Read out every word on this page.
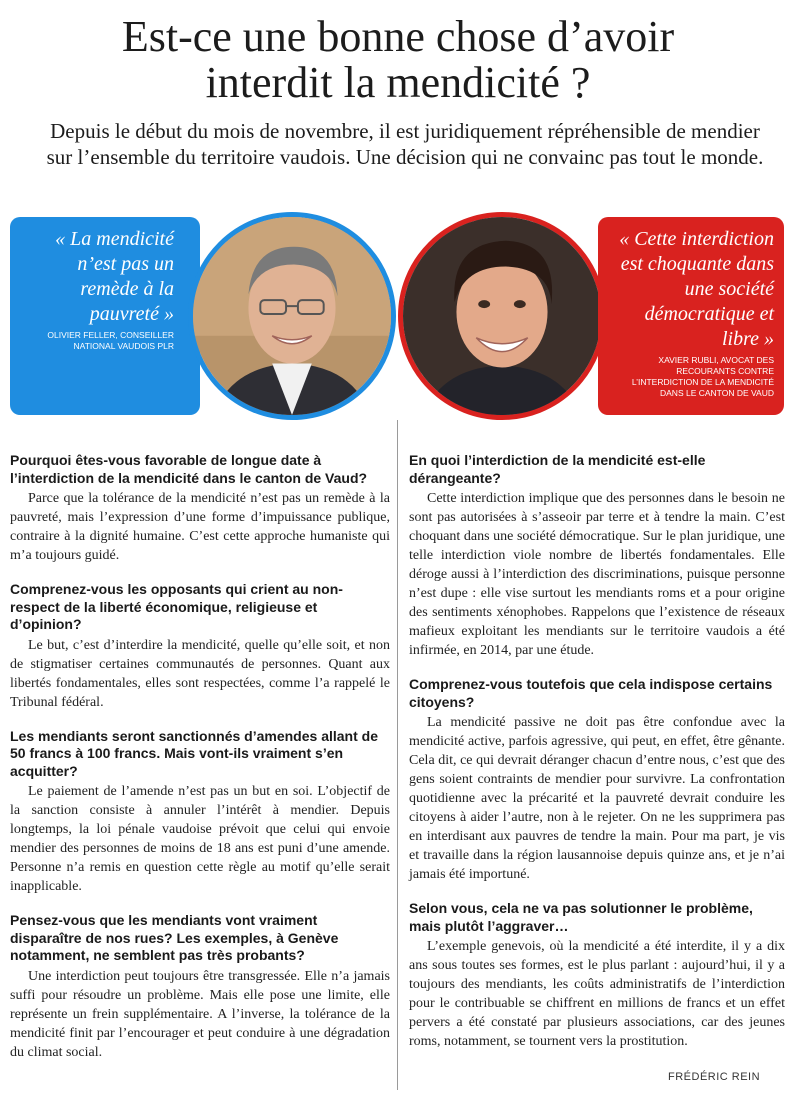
Est-ce une bonne chose d’avoir
interdit la mendicité ?
Depuis le début du mois de novembre, il est juridiquement répréhensible de mendier sur l’ensemble du territoire vaudois. Une décision qui ne convainc pas tout le monde.
« La mendicité n’est pas un remède à la pauvreté »
OLIVIER FELLER, CONSEILLER NATIONAL VAUDOIS PLR
« Cette interdiction est choquante dans une société démocratique et libre »
XAVIER RUBLI, AVOCAT DES RECOURANTS CONTRE L’INTERDICTION DE LA MENDICITÉ DANS LE CANTON DE VAUD
Pourquoi êtes-vous favorable de longue date à l’interdiction de la mendicité dans le canton de Vaud?
Parce que la tolérance de la mendicité n’est pas un remède à la pauvreté, mais l’expression d’une forme d’impuissance publique, contraire à la dignité humaine. C’est cette approche humaniste qui m’a toujours guidé.
Comprenez-vous les opposants qui crient au non-respect de la liberté économique, religieuse et d’opinion?
Le but, c’est d’interdire la mendicité, quelle qu’elle soit, et non de stigmatiser certaines communautés de personnes. Quant aux libertés fondamentales, elles sont respectées, comme l’a rappelé le Tribunal fédéral.
Les mendiants seront sanctionnés d’amendes allant de 50 francs à 100 francs. Mais vont-ils vraiment s’en acquitter?
Le paiement de l’amende n’est pas un but en soi. L’objectif de la sanction consiste à annuler l’intérêt à mendier. Depuis longtemps, la loi pénale vaudoise prévoit que celui qui envoie mendier des personnes de moins de 18 ans est puni d’une amende. Personne n’a remis en question cette règle au motif qu’elle serait inapplicable.
Pensez-vous que les mendiants vont vraiment disparaître de nos rues? Les exemples, à Genève notamment, ne semblent pas très probants?
Une interdiction peut toujours être transgressée. Elle n’a jamais suffi pour résoudre un problème. Mais elle pose une limite, elle représente un frein supplémentaire. A l’inverse, la tolérance de la mendicité finit par l’encourager et peut conduire à une dégradation du climat social.
En quoi l’interdiction de la mendicité est-elle dérangeante?
Cette interdiction implique que des personnes dans le besoin ne sont pas autorisées à s’asseoir par terre et à tendre la main. C’est choquant dans une société démocratique. Sur le plan juridique, une telle interdiction viole nombre de libertés fondamentales. Elle déroge aussi à l’interdiction des discriminations, puisque personne n’est dupe : elle vise surtout les mendiants roms et a pour origine des sentiments xénophobes. Rappelons que l’existence de réseaux mafieux exploitant les mendiants sur le territoire vaudois a été infirmée, en 2014, par une étude.
Comprenez-vous toutefois que cela indispose certains citoyens?
La mendicité passive ne doit pas être confondue avec la mendicité active, parfois agressive, qui peut, en effet, être gênante. Cela dit, ce qui devrait déranger chacun d’entre nous, c’est que des gens soient contraints de mendier pour survivre. La confrontation quotidienne avec la précarité et la pauvreté devrait conduire les citoyens à aider l’autre, non à le rejeter. On ne les supprimera pas en interdisant aux pauvres de tendre la main. Pour ma part, je vis et travaille dans la région lausannoise depuis quinze ans, et je n’ai jamais été importuné.
Selon vous, cela ne va pas solutionner le problème, mais plutôt l’aggraver…
L’exemple genevois, où la mendicité a été interdite, il y a dix ans sous toutes ses formes, est le plus parlant : aujourd’hui, il y a toujours des mendiants, les coûts administratifs de l’interdiction pour le contribuable se chiffrent en millions de francs et un effet pervers a été constaté par plusieurs associations, car des jeunes roms, notamment, se tournent vers la prostitution.
FRÉDÉRIC REIN
